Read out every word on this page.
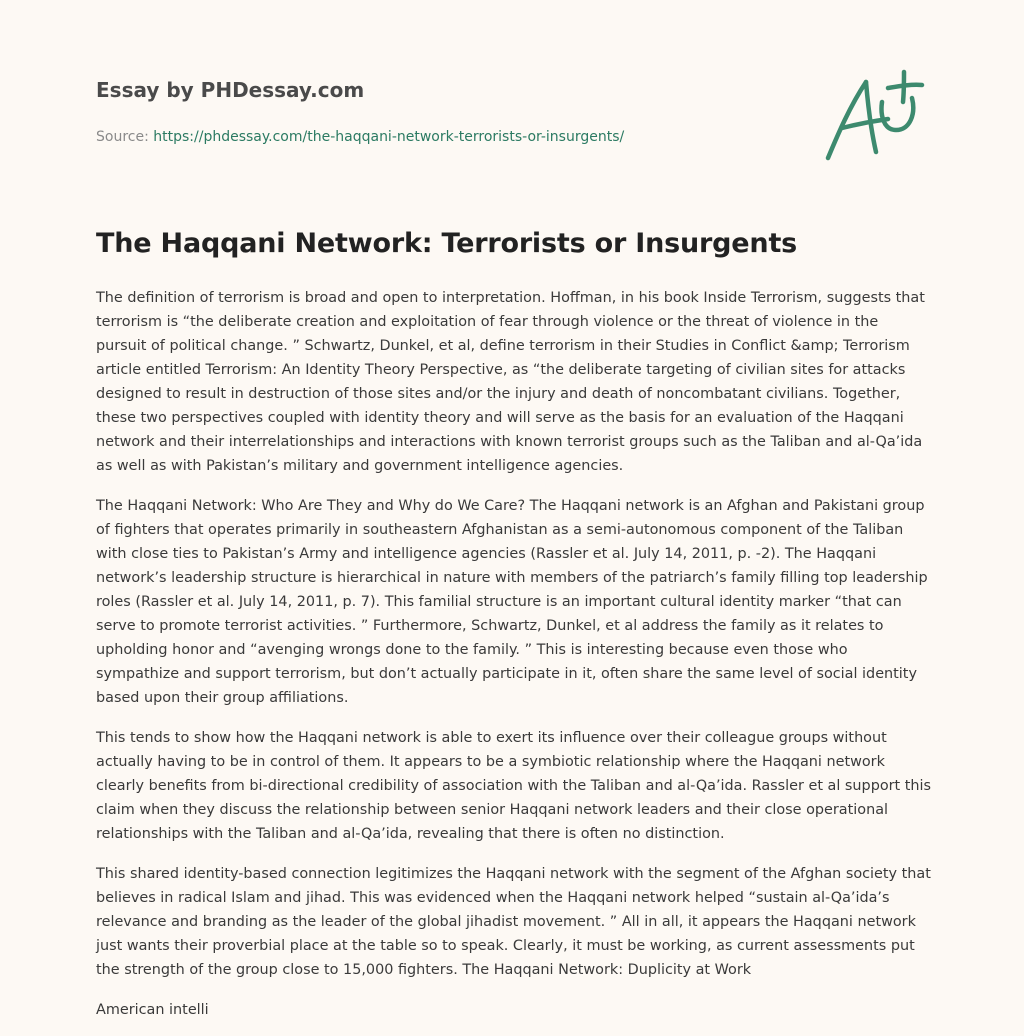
Essay by PHDessay.com

Source: https://phdessay.com/the-haqqani-network-terrorists-or-insurgents/
The Haqqani Network: Terrorists or Insurgents

The definition of terrorism is broad and open to interpretation. Hoffman, in his book Inside Terrorism, suggests that terrorism is “the deliberate creation and exploitation of fear through violence or the threat of violence in the pursuit of political change. ” Schwartz, Dunkel, et al, define terrorism in their Studies in Conflict &amp; Terrorism article entitled Terrorism: An Identity Theory Perspective, as “the deliberate targeting of civilian sites for attacks designed to result in destruction of those sites and/or the injury and death of noncombatant civilians. Together, these two perspectives coupled with identity theory and will serve as the basis for an evaluation of the Haqqani network and their interrelationships and interactions with known terrorist groups such as the Taliban and al-Qa’ida as well as with Pakistan’s military and government intelligence agencies.

The Haqqani Network: Who Are They and Why do We Care? The Haqqani network is an Afghan and Pakistani group of fighters that operates primarily in southeastern Afghanistan as a semi-autonomous component of the Taliban with close ties to Pakistan’s Army and intelligence agencies (Rassler et al. July 14, 2011, p. -2). The Haqqani network’s leadership structure is hierarchical in nature with members of the patriarch’s family filling top leadership roles (Rassler et al. July 14, 2011, p. 7). This familial structure is an important cultural identity marker “that can serve to promote terrorist activities. ” Furthermore, Schwartz, Dunkel, et al address the family as it relates to upholding honor and “avenging wrongs done to the family. ” This is interesting because even those who sympathize and support terrorism, but don’t actually participate in it, often share the same level of social identity based upon their group affiliations.

This tends to show how the Haqqani network is able to exert its influence over their colleague groups without actually having to be in control of them. It appears to be a symbiotic relationship where the Haqqani network clearly benefits from bi-directional credibility of association with the Taliban and al-Qa’ida. Rassler et al support this claim when they discuss the relationship between senior Haqqani network leaders and their close operational relationships with the Taliban and al-Qa’ida, revealing that there is often no distinction.

This shared identity-based connection legitimizes the Haqqani network with the segment of the Afghan society that believes in radical Islam and jihad. This was evidenced when the Haqqani network helped “sustain al-Qa’ida’s relevance and branding as the leader of the global jihadist movement. ” All in all, it appears the Haqqani network just wants their proverbial place at the table so to speak. Clearly, it must be working, as current assessments put the strength of the group close to 15,000 fighters. The Haqqani Network: Duplicity at Work

American intelli
